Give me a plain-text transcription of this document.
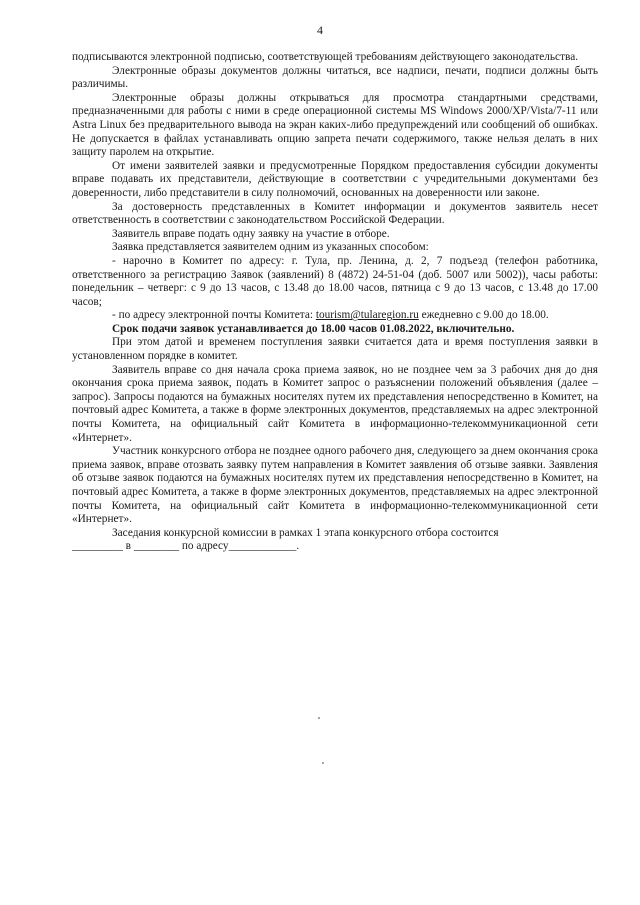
4

подписываются электронной подписью, соответствующей требованиям действующего законодательства.

Электронные образы документов должны читаться, все надписи, печати, подписи должны быть различимы.

Электронные образы должны открываться для просмотра стандартными средствами, предназначенными для работы с ними в среде операционной системы MS Windows 2000/XP/Vista/7-11 или Astra Linux без предварительного вывода на экран каких-либо предупреждений или сообщений об ошибках. Не допускается в файлах устанавливать опцию запрета печати содержимого, также нельзя делать в них защиту паролем на открытие.

От имени заявителей заявки и предусмотренные Порядком предоставления субсидии документы вправе подавать их представители, действующие в соответствии с учредительными документами без доверенности, либо представители в силу полномочий, основанных на доверенности или законе.

За достоверность представленных в Комитет информации и документов заявитель несет ответственность в соответствии с законодательством Российской Федерации.

Заявитель вправе подать одну заявку на участие в отборе.

Заявка представляется заявителем одним из указанных способом:

- нарочно в Комитет по адресу: г. Тула, пр. Ленина, д. 2, 7 подъезд (телефон работника, ответственного за регистрацию Заявок (заявлений) 8 (4872) 24-51-04 (доб. 5007 или 5002)), часы работы: понедельник – четверг: с 9 до 13 часов, с 13.48 до 18.00 часов, пятница с 9 до 13 часов, с 13.48 до 17.00 часов;

- по адресу электронной почты Комитета: tourism@tularegion.ru ежедневно с 9.00 до 18.00.

Срок подачи заявок устанавливается до 18.00 часов 01.08.2022, включительно.

При этом датой и временем поступления заявки считается дата и время поступления заявки в установленном порядке в комитет.

Заявитель вправе со дня начала срока приема заявок, но не позднее чем за 3 рабочих дня до дня окончания срока приема заявок, подать в Комитет запрос о разъяснении положений объявления (далее – запрос). Запросы подаются на бумажных носителях путем их представления непосредственно в Комитет, на почтовый адрес Комитета, а также в форме электронных документов, представляемых на адрес электронной почты Комитета, на официальный сайт Комитета в информационно-телекоммуникационной сети «Интернет».

Участник конкурсного отбора не позднее одного рабочего дня, следующего за днем окончания срока приема заявок, вправе отозвать заявку путем направления в Комитет заявления об отзыве заявки. Заявления об отзыве заявок подаются на бумажных носителях путем их представления непосредственно в Комитет, на почтовый адрес Комитета, а также в форме электронных документов, представляемых на адрес электронной почты Комитета, на официальный сайт Комитета в информационно-телекоммуникационной сети «Интернет».

Заседания конкурсной комиссии в рамках 1 этапа конкурсного отбора состоится

_________ в ________ по адресу____________.
